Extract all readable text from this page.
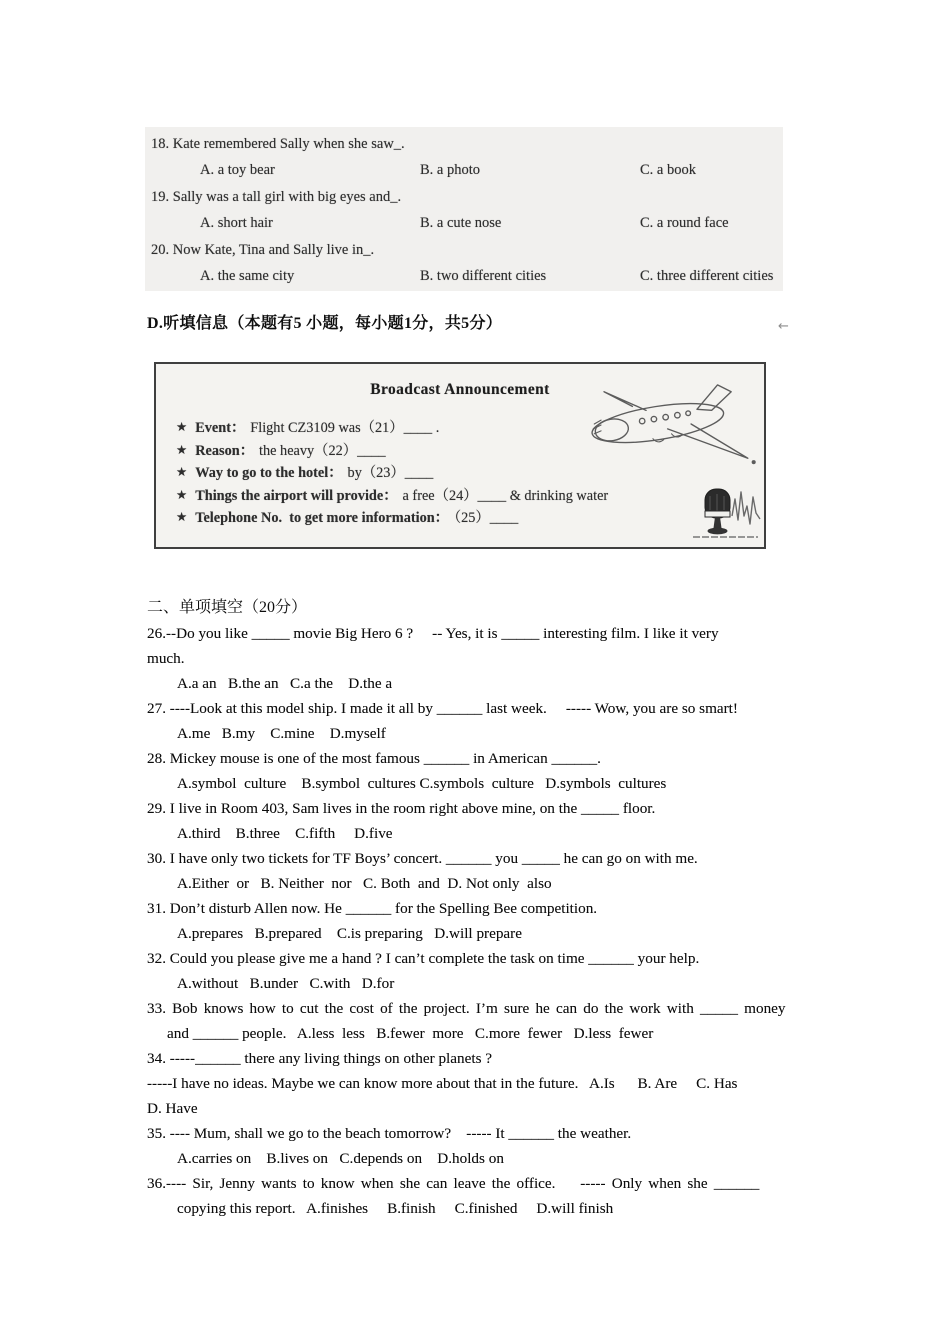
18. Kate remembered Sally when she saw_.
A. a toy bear	B. a photo	C. a book
19. Sally was a tall girl with big eyes and_.
A. short hair	B. a cute nose	C. a round face
20. Now Kate, Tina and Sally live in_.
A. the same city	B. two different cities	C. three different cities
D.听填信息（本题有5 小题，每小题1分，共5分）	←
Broadcast Announcement
★ Event： Flight CZ3109 was（21）____ .
★ Reason： the heavy（22）____
★ Way to go to the hotel： by（23）____
★ Things the airport will provide： a free（24）____ & drinking water
★ Telephone No.  to get more information： （25）____
二、单项填空（20分）
26.--Do you like _____ movie Big Hero 6 ?     -- Yes, it is _____ interesting film. I like it very
much.
A.a an   B.the an   C.a the    D.the a
27. ----Look at this model ship. I made it all by ______ last week.     ----- Wow, you are so smart!
A.me   B.my    C.mine    D.myself
28. Mickey mouse is one of the most famous ______ in American ______.
A.symbol  culture    B.symbol  cultures C.symbols  culture   D.symbols  cultures
29. I live in Room 403, Sam lives in the room right above mine, on the _____ floor.
A.third    B.three    C.fifth     D.five
30. I have only two tickets for TF Boys’ concert. ______ you _____ he can go on with me.
A.Either  or   B. Neither  nor   C. Both  and  D. Not only  also
31. Don’t disturb Allen now. He ______ for the Spelling Bee competition.
A.prepares   B.prepared    C.is preparing   D.will prepare
32. Could you please give me a hand ? I can’t complete the task on time ______ your help.
A.without   B.under   C.with   D.for
33. Bob knows how to cut the cost of the project. I’m sure he can do the work with _____ money
and ______ people.   A.less  less   B.fewer  more   C.more  fewer   D.less  fewer
34. -----______ there any living things on other planets ?
-----I have no ideas. Maybe we can know more about that in the future.   A.Is      B. Are     C. Has
D. Have
35. ---- Mum, shall we go to the beach tomorrow?    ----- It ______ the weather.
A.carries on    B.lives on   C.depends on    D.holds on
36.---- Sir, Jenny wants to know when she can leave the office.    ----- Only when she ______
copying this report.   A.finishes     B.finish     C.finished     D.will finish
